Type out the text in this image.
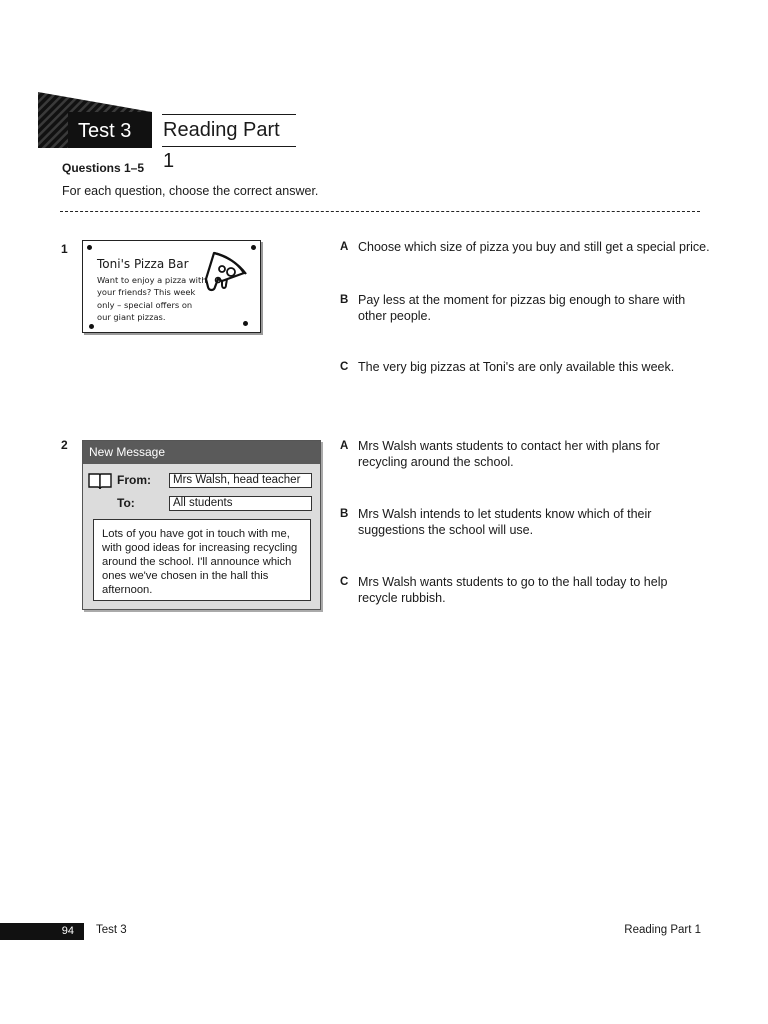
Test 3 Reading Part 1
Questions 1–5
For each question, choose the correct answer.
1
Toni's Pizza Bar
Want to enjoy a pizza with your friends? This week only – special offers on our giant pizzas.
A Choose which size of pizza you buy and still get a special price.
B Pay less at the moment for pizzas big enough to share with other people.
C The very big pizzas at Toni's are only available this week.
2	New Message
From:	Mrs Walsh, head teacher
To:	All students
Lots of you have got in touch with me, with good ideas for increasing recycling around the school. I'll announce which ones we've chosen in the hall this afternoon.
A Mrs Walsh wants students to contact her with plans for recycling around the school.
B Mrs Walsh intends to let students know which of their suggestions the school will use.
C Mrs Walsh wants students to go to the hall today to help recycle rubbish.
94 Test 3	Reading Part 1
